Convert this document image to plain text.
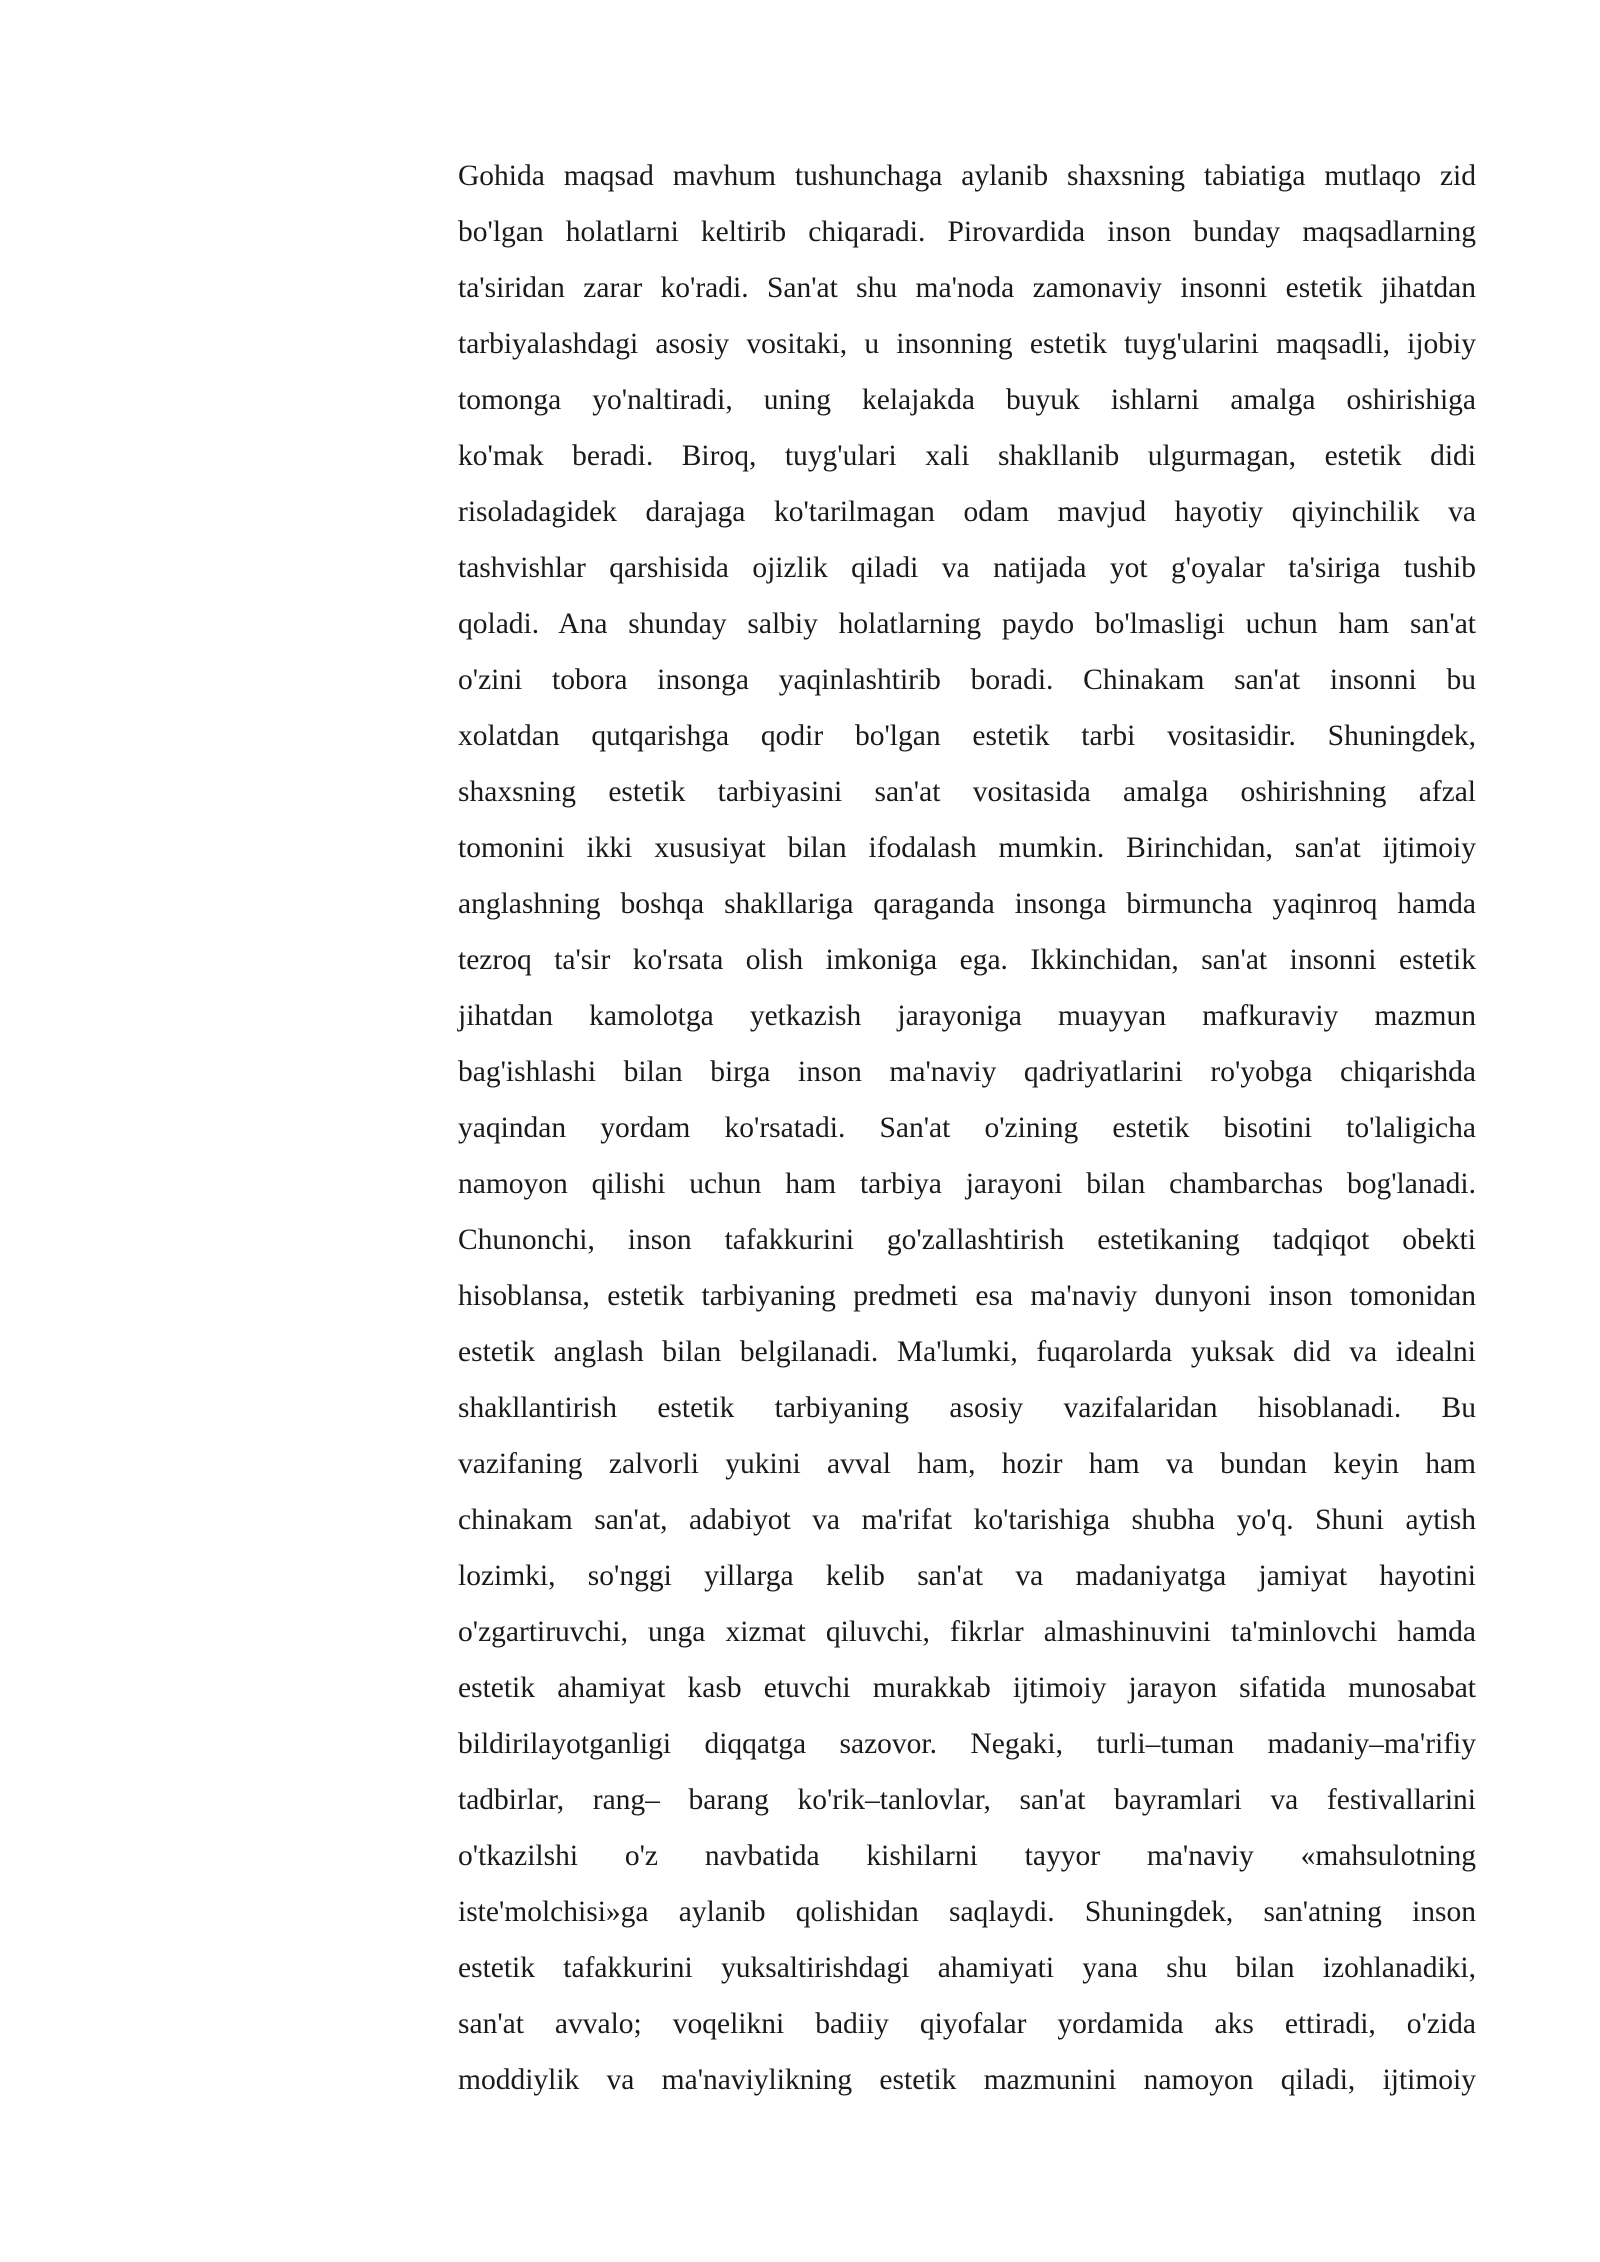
Gohida maqsad mavhum tushunchaga aylanib shaxsning tabiatiga mutlaqo zid
bo'lgan holatlarni keltirib chiqaradi. Pirovardida inson bunday maqsadlarning
ta'siridan zarar ko'radi. San'at shu ma'noda zamonaviy insonni estetik jihatdan
tarbiyalashdagi asosiy vositaki, u insonning estetik tuyg'ularini maqsadli, ijobiy
tomonga yo'naltiradi, uning kelajakda buyuk ishlarni amalga oshirishiga
ko'mak beradi. Biroq, tuyg'ulari xali shakllanib ulgurmagan, estetik didi
risoladagidek darajaga ko'tarilmagan odam mavjud hayotiy qiyinchilik va
tashvishlar qarshisida ojizlik qiladi va natijada yot g'oyalar ta'siriga tushib
qoladi. Ana shunday salbiy holatlarning paydo bo'lmasligi uchun ham san'at
o'zini tobora insonga yaqinlashtirib boradi. Chinakam san'at insonni bu
xolatdan qutqarishga qodir bo'lgan estetik tarbi vositasidir. Shuningdek,
shaxsning estetik tarbiyasini san'at vositasida amalga oshirishning afzal
tomonini ikki xususiyat bilan ifodalash mumkin. Birinchidan, san'at ijtimoiy
anglashning boshqa shakllariga qaraganda insonga birmuncha yaqinroq hamda
tezroq ta'sir ko'rsata olish imkoniga ega. Ikkinchidan, san'at insonni estetik
jihatdan kamolotga yetkazish jarayoniga muayyan mafkuraviy mazmun
bag'ishlashi bilan birga inson ma'naviy qadriyatlarini ro'yobga chiqarishda
yaqindan yordam ko'rsatadi. San'at o'zining estetik bisotini to'laligicha
namoyon qilishi uchun ham tarbiya jarayoni bilan chambarchas bog'lanadi.
Chunonchi, inson tafakkurini go'zallashtirish estetikaning tadqiqot obekti
hisoblansa, estetik tarbiyaning predmeti esa ma'naviy dunyoni inson tomonidan
estetik anglash bilan belgilanadi. Ma'lumki, fuqarolarda yuksak did va idealni
shakllantirish estetik tarbiyaning asosiy vazifalaridan hisoblanadi. Bu
vazifaning zalvorli yukini avval ham, hozir ham va bundan keyin ham
chinakam san'at, adabiyot va ma'rifat ko'tarishiga shubha yo'q. Shuni aytish
lozimki, so'nggi yillarga kelib san'at va madaniyatga jamiyat hayotini
o'zgartiruvchi, unga xizmat qiluvchi, fikrlar almashinuvini ta'minlovchi hamda
estetik ahamiyat kasb etuvchi murakkab ijtimoiy jarayon sifatida munosabat
bildirilayotganligi diqqatga sazovor. Negaki, turli–tuman madaniy–ma'rifiy
tadbirlar, rang– barang ko'rik–tanlovlar, san'at bayramlari va festivallarini
o'tkazilshi o'z navbatida kishilarni tayyor ma'naviy «mahsulotning
iste'molchisi»ga aylanib qolishidan saqlaydi. Shuningdek, san'atning inson
estetik tafakkurini yuksaltirishdagi ahamiyati yana shu bilan izohlanadiki,
san'at avvalo; voqelikni badiiy qiyofalar yordamida aks ettiradi, o'zida
moddiylik va ma'naviylikning estetik mazmunini namoyon qiladi, ijtimoiy
